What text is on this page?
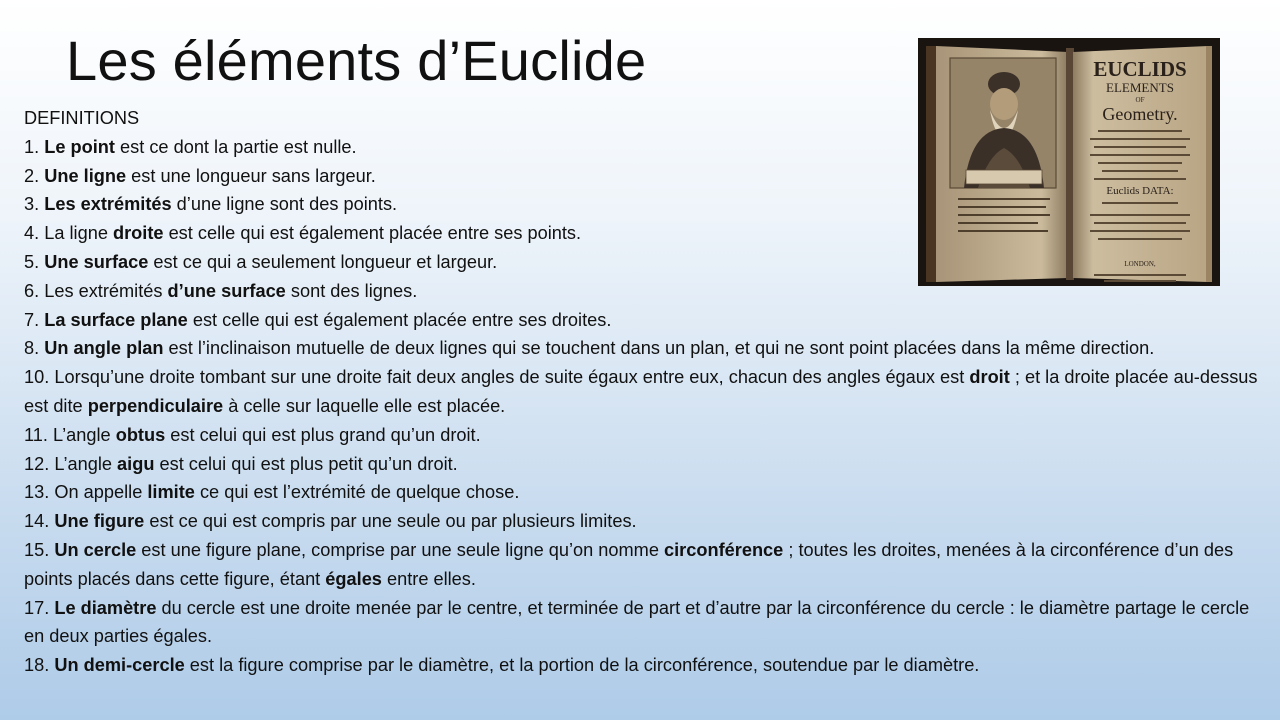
Les éléments d’Euclide

DEFINITIONS

1. Le point est ce dont la partie est nulle.

2. Une ligne est une longueur sans largeur.

3. Les extrémités d’une ligne sont des points.

4. La ligne droite est celle qui est également placée entre ses points.

5. Une surface est ce qui a seulement longueur et largeur.

6. Les extrémités d’une surface sont des lignes.

7. La surface plane est celle qui est également placée entre ses droites.

8. Un angle plan est l’inclinaison mutuelle de deux lignes qui se touchent dans un plan, et qui ne sont point placées dans la même direction.

10. Lorsqu’une droite tombant sur une droite fait deux angles de suite égaux entre eux, chacun des angles égaux est droit ; et la droite placée au-dessus est dite perpendiculaire à celle sur laquelle elle est placée.

11. L’angle obtus est celui qui est plus grand qu’un droit.

12. L’angle aigu est celui qui est plus petit qu’un droit.

13. On appelle limite ce qui est l’extrémité de quelque chose.

14. Une figure est ce qui est compris par une seule ou par plusieurs limites.

15. Un cercle est une figure plane, comprise par une seule ligne qu’on nomme circonférence ; toutes les droites, menées à la circonférence d’un des points placés dans cette figure, étant égales entre elles.

17. Le diamètre du cercle est une droite menée par le centre, et terminée de part et d’autre par la circonférence du cercle : le diamètre partage le cercle en deux parties égales.

18. Un demi-cercle est la figure comprise par le diamètre, et la portion de la circonférence, soutendue par le diamètre.

EUCLIDS
ELEMENTS
OF
Geometry.
Euclids DATA:
LONDON,
